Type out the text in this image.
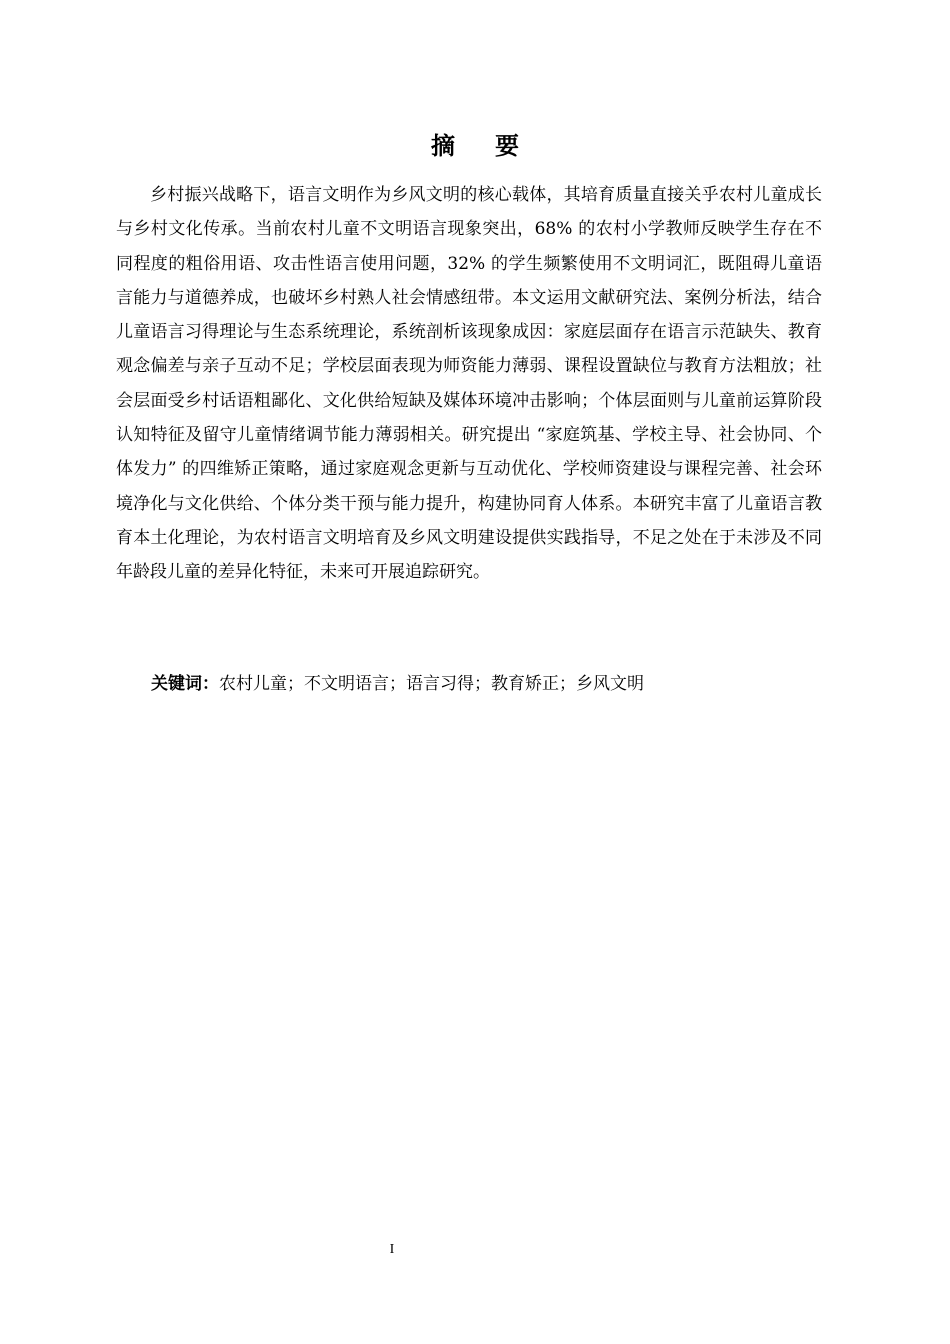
摘 要

乡村振兴战略下，语言文明作为乡风文明的核心载体，其培育质量直接关乎农村儿童成长与乡村文化传承。当前农村儿童不文明语言现象突出，68% 的农村小学教师反映学生存在不同程度的粗俗用语、攻击性语言使用问题，32% 的学生频繁使用不文明词汇，既阻碍儿童语言能力与道德养成，也破坏乡村熟人社会情感纽带。本文运用文献研究法、案例分析法，结合儿童语言习得理论与生态系统理论，系统剖析该现象成因：家庭层面存在语言示范缺失、教育观念偏差与亲子互动不足；学校层面表现为师资能力薄弱、课程设置缺位与教育方法粗放；社会层面受乡村话语粗鄙化、文化供给短缺及媒体环境冲击影响；个体层面则与儿童前运算阶段认知特征及留守儿童情绪调节能力薄弱相关。研究提出 “家庭筑基、学校主导、社会协同、个体发力” 的四维矫正策略，通过家庭观念更新与互动优化、学校师资建设与课程完善、社会环境净化与文化供给、个体分类干预与能力提升，构建协同育人体系。本研究丰富了儿童语言教育本土化理论，为农村语言文明培育及乡风文明建设提供实践指导，不足之处在于未涉及不同年龄段儿童的差异化特征，未来可开展追踪研究。

关键词：农村儿童；不文明语言；语言习得；教育矫正；乡风文明
I
